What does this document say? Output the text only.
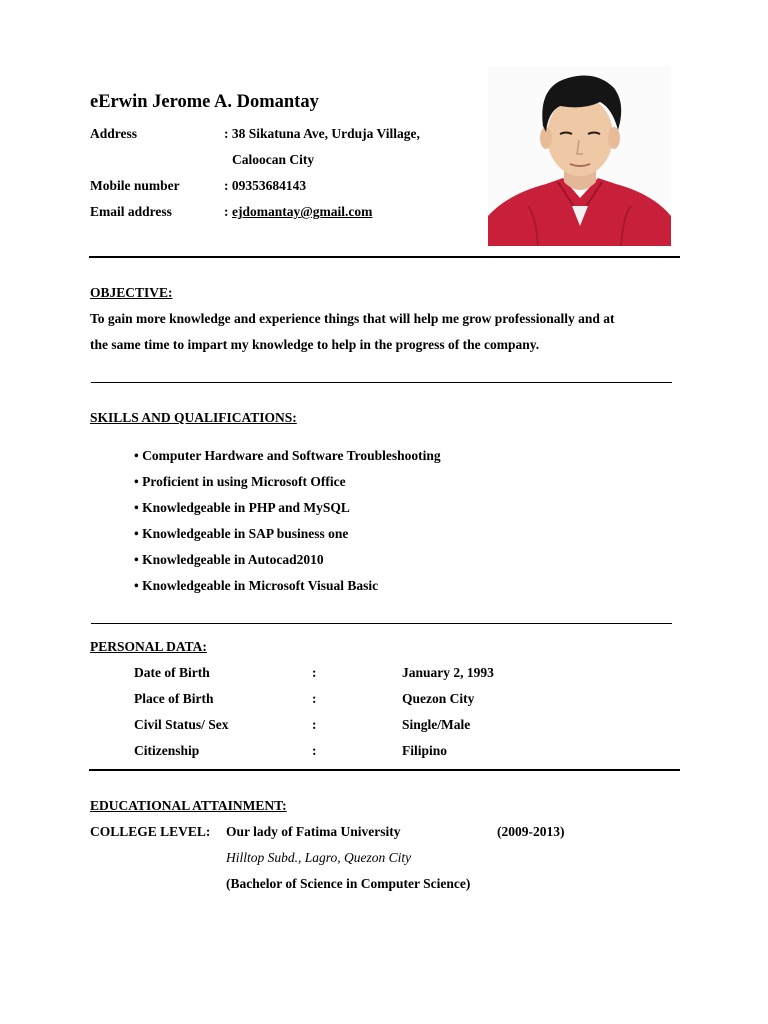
eErwin Jerome A. Domantay
Address	: 38 Sikatuna Ave, Urduja Village,
Caloocan City
Mobile number	: 09353684143
Email address	: ejdomantay@gmail.com
OBJECTIVE:
To gain more knowledge and experience things that will help me grow professionally and at
the same time to impart my knowledge to help in the progress of the company.
SKILLS AND QUALIFICATIONS:
• Computer Hardware and Software Troubleshooting
• Proficient in using Microsoft Office
• Knowledgeable in PHP and MySQL
• Knowledgeable in SAP business one
• Knowledgeable in Autocad2010
• Knowledgeable in Microsoft Visual Basic
PERSONAL DATA:
Date of Birth	:	January 2, 1993
Place of Birth	:	Quezon City
Civil Status/ Sex	:	Single/Male
Citizenship	:	Filipino
EDUCATIONAL ATTAINMENT:
COLLEGE LEVEL: Our lady of Fatima University	(2009-2013)
Hilltop Subd., Lagro, Quezon City
(Bachelor of Science in Computer Science)
